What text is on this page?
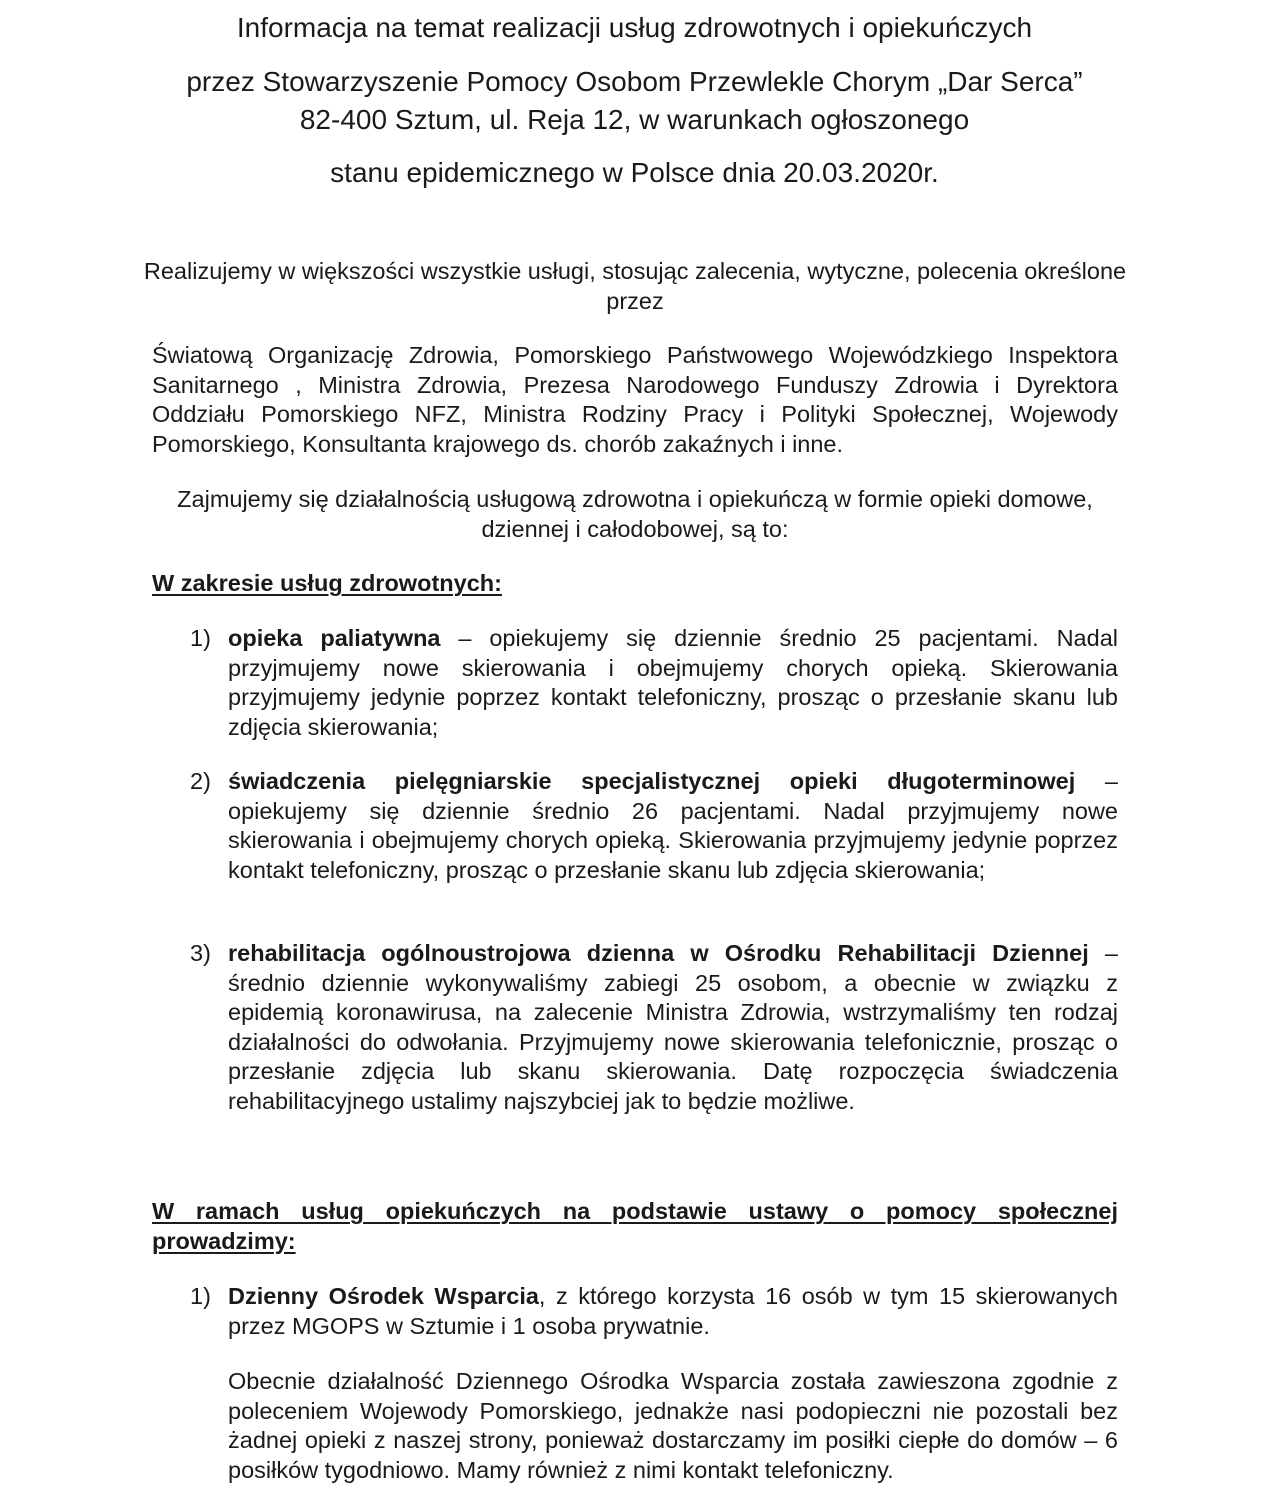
Informacja na temat realizacji usług zdrowotnych i opiekuńczych
przez Stowarzyszenie Pomocy Osobom Przewlekle Chorym „Dar Serca”
82-400 Sztum, ul. Reja 12, w warunkach ogłoszonego
stanu epidemicznego w Polsce dnia 20.03.2020r.
Realizujemy w większości wszystkie usługi, stosując zalecenia, wytyczne, polecenia określone przez
Światową Organizację Zdrowia, Pomorskiego Państwowego Wojewódzkiego Inspektora Sanitarnego , Ministra Zdrowia, Prezesa Narodowego Funduszy Zdrowia i Dyrektora Oddziału Pomorskiego NFZ, Ministra Rodziny Pracy i Polityki Społecznej, Wojewody Pomorskiego, Konsultanta krajowego ds. chorób zakaźnych i inne.
Zajmujemy się działalnością usługową zdrowotna i opiekuńczą w formie opieki domowe, dziennej i całodobowej, są to:
W zakresie usług zdrowotnych:
1) opieka paliatywna – opiekujemy się dziennie średnio 25 pacjentami. Nadal przyjmujemy nowe skierowania i obejmujemy chorych opieką. Skierowania przyjmujemy jedynie poprzez kontakt telefoniczny, prosząc o przesłanie skanu lub zdjęcia skierowania;
2) świadczenia pielęgniarskie specjalistycznej opieki długoterminowej – opiekujemy się dziennie średnio 26 pacjentami. Nadal przyjmujemy nowe skierowania i obejmujemy chorych opieką. Skierowania przyjmujemy jedynie poprzez kontakt telefoniczny, prosząc o przesłanie skanu lub zdjęcia skierowania;
3) rehabilitacja ogólnoustrojowa dzienna w Ośrodku Rehabilitacji Dziennej – średnio dziennie wykonywaliśmy zabiegi 25 osobom, a obecnie w związku z epidemią koronawirusa, na zalecenie Ministra Zdrowia, wstrzymaliśmy ten rodzaj działalności do odwołania. Przyjmujemy nowe skierowania telefonicznie, prosząc o przesłanie zdjęcia lub skanu skierowania. Datę rozpoczęcia świadczenia rehabilitacyjnego ustalimy najszybciej jak to będzie możliwe.
W ramach usług opiekuńczych na podstawie ustawy o pomocy społecznej prowadzimy:
1) Dzienny Ośrodek Wsparcia, z którego korzysta 16 osób w tym 15 skierowanych przez MGOPS w Sztumie i 1 osoba prywatnie.
Obecnie działalność Dziennego Ośrodka Wsparcia została zawieszona zgodnie z poleceniem Wojewody Pomorskiego, jednakże nasi podopieczni nie pozostali bez żadnej opieki z naszej strony, ponieważ dostarczamy im posiłki ciepłe do domów – 6 posiłków tygodniowo. Mamy również z nimi kontakt telefoniczny.
